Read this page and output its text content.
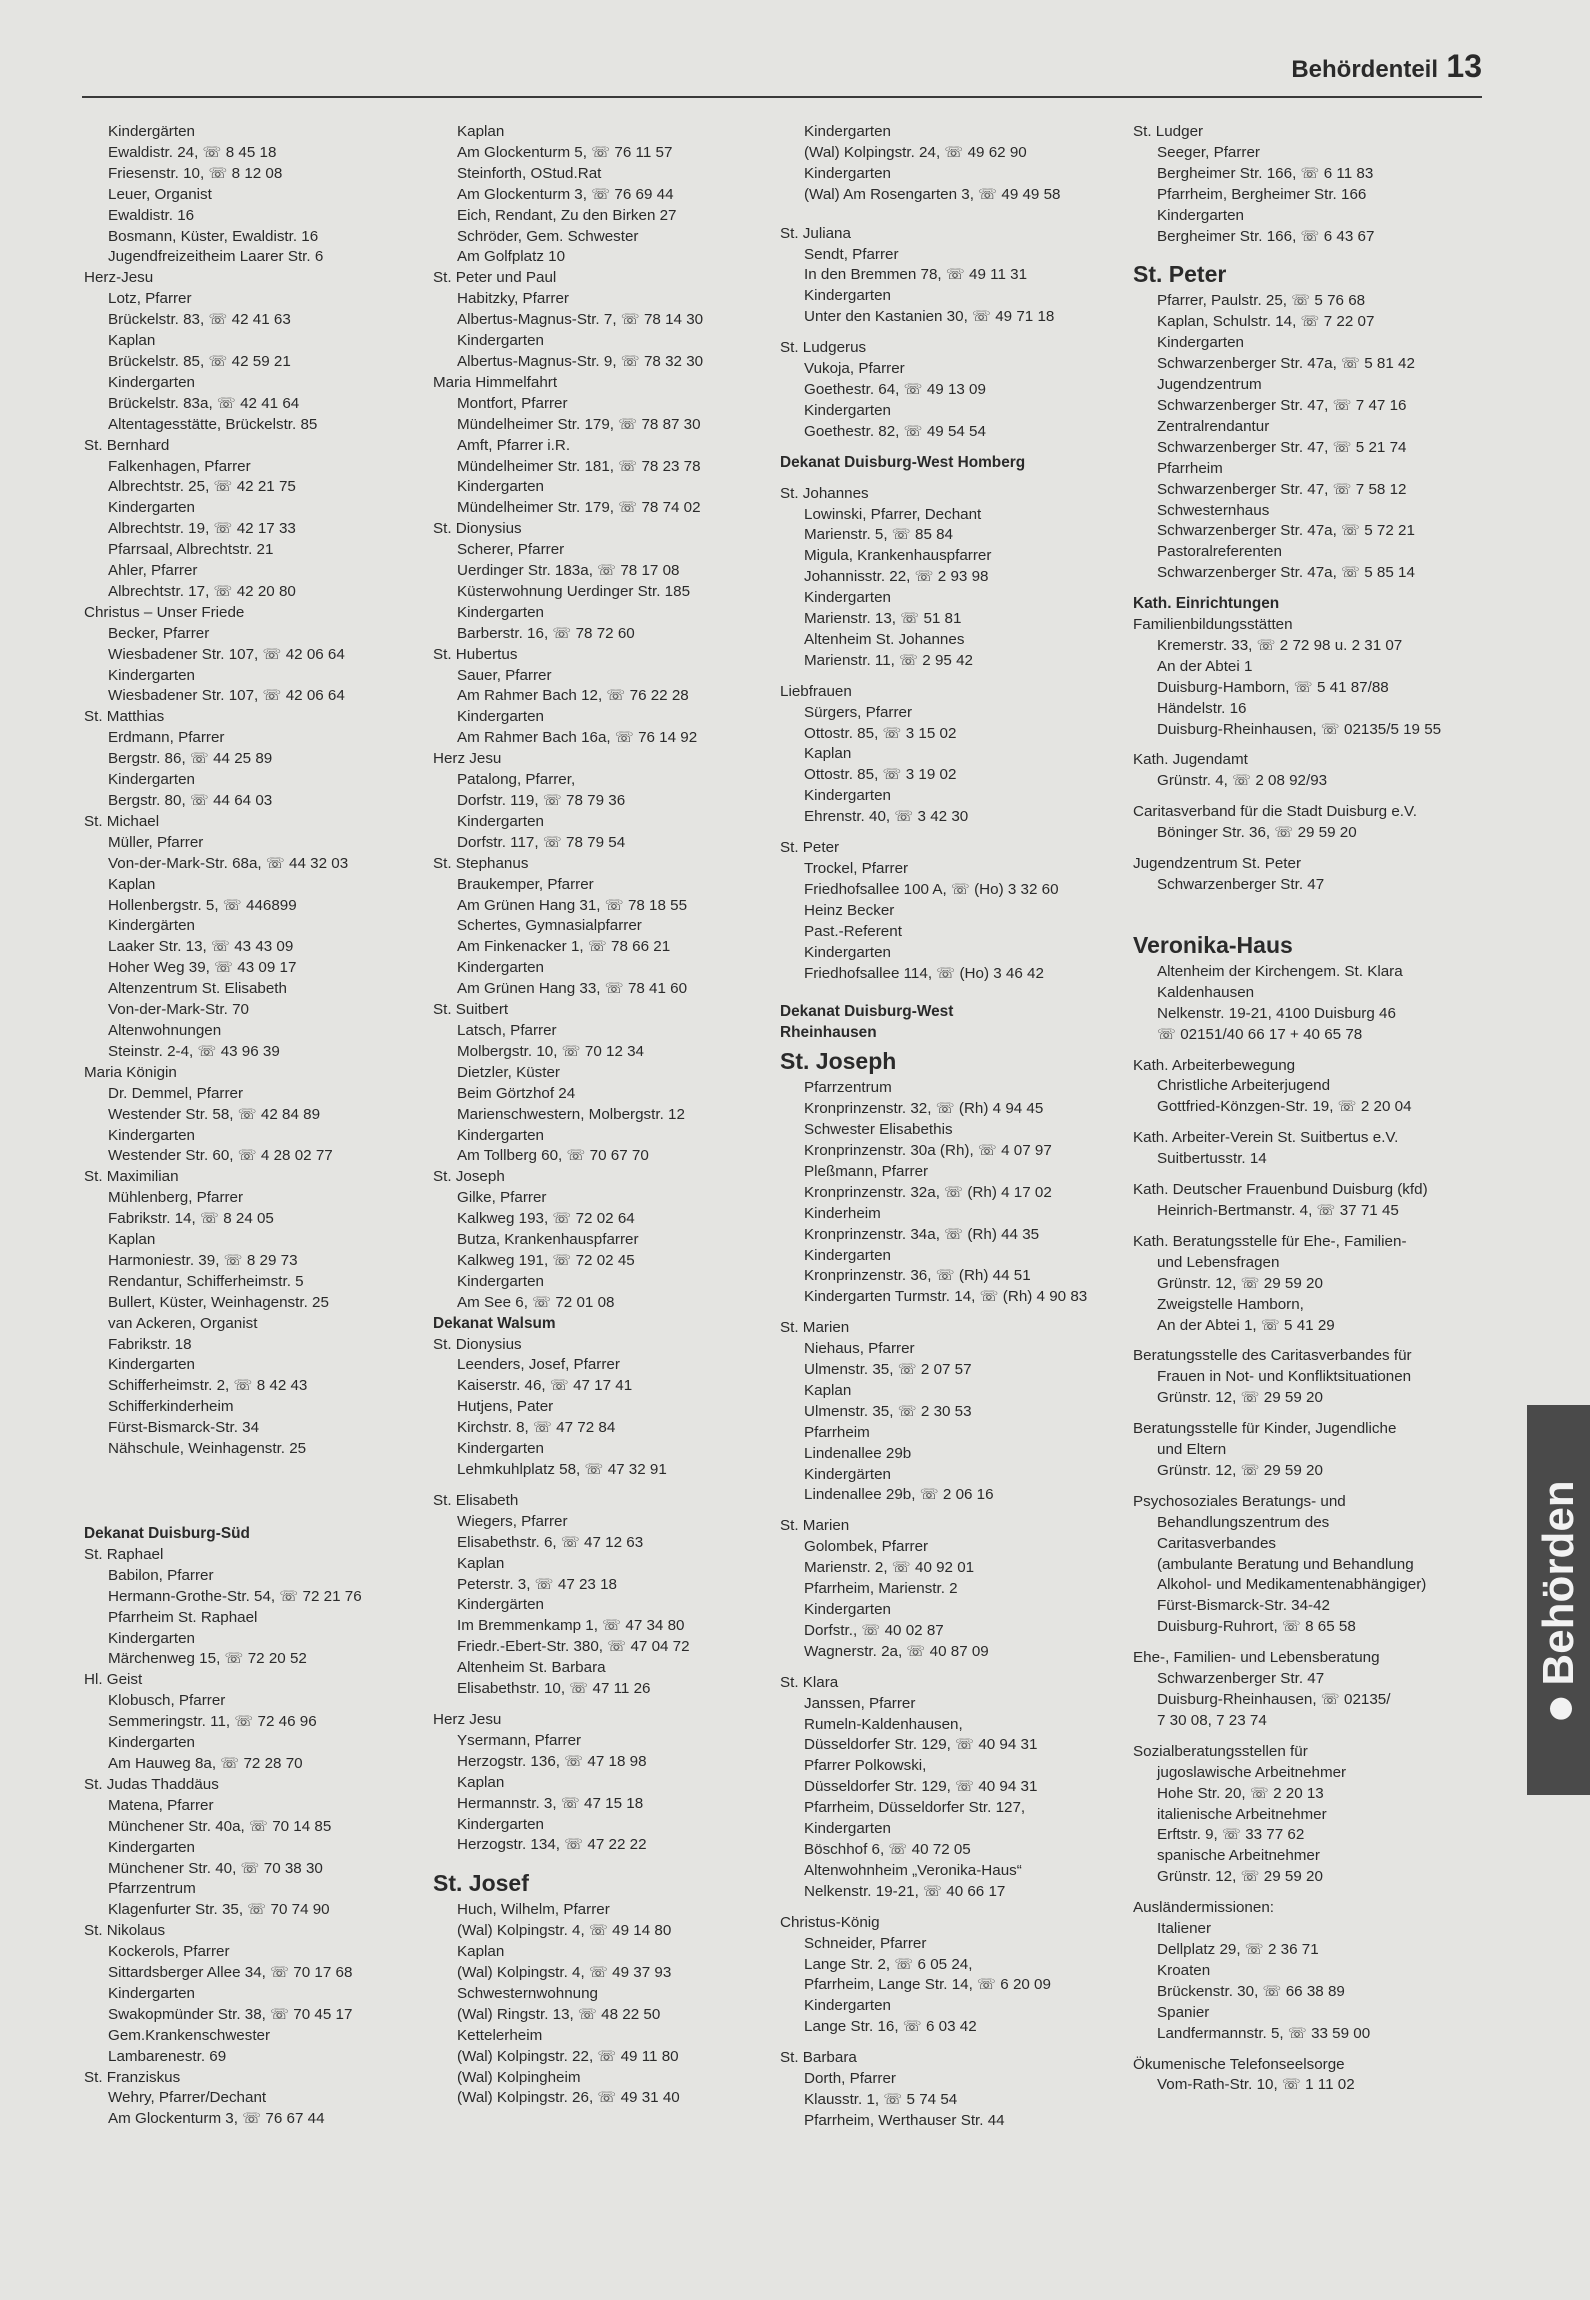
Behördenteil 13
Kindergärten
Ewaldistr. 24, ☏ 8 45 18
Friesenstr. 10, ☏ 8 12 08
Leuer, Organist
Ewaldistr. 16
Bosmann, Küster, Ewaldistr. 16
Jugendfreizeitheim Laarer Str. 6
Herz-Jesu
Lotz, Pfarrer
Brückelstr. 83, ☏ 42 41 63
Kaplan
Brückelstr. 85, ☏ 42 59 21
Kindergarten
Brückelstr. 83a, ☏ 42 41 64
Altentagesstätte, Brückelstr. 85
St. Bernhard
Falkenhagen, Pfarrer
Albrechtstr. 25, ☏ 42 21 75
Kindergarten
Albrechtstr. 19, ☏ 42 17 33
Pfarrsaal, Albrechtstr. 21
Ahler, Pfarrer
Albrechtstr. 17, ☏ 42 20 80
Christus – Unser Friede
Becker, Pfarrer
Wiesbadener Str. 107, ☏ 42 06 64
Kindergarten
Wiesbadener Str. 107, ☏ 42 06 64
St. Matthias
Erdmann, Pfarrer
Bergstr. 86, ☏ 44 25 89
Kindergarten
Bergstr. 80, ☏ 44 64 03
St. Michael
Müller, Pfarrer
Von-der-Mark-Str. 68a, ☏ 44 32 03
Kaplan
Hollenbergstr. 5, ☏ 446899
Kindergärten
Laaker Str. 13, ☏ 43 43 09
Hoher Weg 39, ☏ 43 09 17
Altenzentrum St. Elisabeth
Von-der-Mark-Str. 70
Altenwohnungen
Steinstr. 2-4, ☏ 43 96 39
Maria Königin
Dr. Demmel, Pfarrer
Westender Str. 58, ☏ 42 84 89
Kindergarten
Westender Str. 60, ☏ 4 28 02 77
St. Maximilian
Mühlenberg, Pfarrer
Fabrikstr. 14, ☏ 8 24 05
Kaplan
Harmoniestr. 39, ☏ 8 29 73
Rendantur, Schifferheimstr. 5
Bullert, Küster, Weinhagenstr. 25
van Ackeren, Organist
Fabrikstr. 18
Kindergarten
Schifferheimstr. 2, ☏ 8 42 43
Schifferkinderheim
Fürst-Bismarck-Str. 34
Nähschule, Weinhagenstr. 25
Dekanat Duisburg-Süd
St. Raphael
Babilon, Pfarrer
Hermann-Grothe-Str. 54, ☏ 72 21 76
Pfarrheim St. Raphael
Kindergarten
Märchenweg 15, ☏ 72 20 52
Hl. Geist
Klobusch, Pfarrer
Semmeringstr. 11, ☏ 72 46 96
Kindergarten
Am Hauweg 8a, ☏ 72 28 70
St. Judas Thaddäus
Matena, Pfarrer
Münchener Str. 40a, ☏ 70 14 85
Kindergarten
Münchener Str. 40, ☏ 70 38 30
Pfarrzentrum
Klagenfurter Str. 35, ☏ 70 74 90
St. Nikolaus
Kockerols, Pfarrer
Sittardsberger Allee 34, ☏ 70 17 68
Kindergarten
Swakopmünder Str. 38, ☏ 70 45 17
Gem.Krankenschwester
Lambarenestr. 69
St. Franziskus
Wehry, Pfarrer/Dechant
Am Glockenturm 3, ☏ 76 67 44
Kaplan
Am Glockenturm 5, ☏ 76 11 57
Steinforth, OStud.Rat
Am Glockenturm 3, ☏ 76 69 44
Eich, Rendant, Zu den Birken 27
Schröder, Gem. Schwester
Am Golfplatz 10
St. Peter und Paul
Habitzky, Pfarrer
Albertus-Magnus-Str. 7, ☏ 78 14 30
Kindergarten
Albertus-Magnus-Str. 9, ☏ 78 32 30
Maria Himmelfahrt
Montfort, Pfarrer
Mündelheimer Str. 179, ☏ 78 87 30
Amft, Pfarrer i.R.
Mündelheimer Str. 181, ☏ 78 23 78
Kindergarten
Mündelheimer Str. 179, ☏ 78 74 02
St. Dionysius
Scherer, Pfarrer
Uerdinger Str. 183a, ☏ 78 17 08
Küsterwohnung Uerdinger Str. 185
Kindergarten
Barberstr. 16, ☏ 78 72 60
St. Hubertus
Sauer, Pfarrer
Am Rahmer Bach 12, ☏ 76 22 28
Kindergarten
Am Rahmer Bach 16a, ☏ 76 14 92
Herz Jesu
Patalong, Pfarrer,
Dorfstr. 119, ☏ 78 79 36
Kindergarten
Dorfstr. 117, ☏ 78 79 54
St. Stephanus
Braukemper, Pfarrer
Am Grünen Hang 31, ☏ 78 18 55
Schertes, Gymnasialpfarrer
Am Finkenacker 1, ☏ 78 66 21
Kindergarten
Am Grünen Hang 33, ☏ 78 41 60
St. Suitbert
Latsch, Pfarrer
Molbergstr. 10, ☏ 70 12 34
Dietzler, Küster
Beim Görtzhof 24
Marienschwestern, Molbergstr. 12
Kindergarten
Am Tollberg 60, ☏ 70 67 70
St. Joseph
Gilke, Pfarrer
Kalkweg 193, ☏ 72 02 64
Butza, Krankenhauspfarrer
Kalkweg 191, ☏ 72 02 45
Kindergarten
Am See 6, ☏ 72 01 08
Dekanat Walsum
St. Dionysius
Leenders, Josef, Pfarrer
Kaiserstr. 46, ☏ 47 17 41
Hutjens, Pater
Kirchstr. 8, ☏ 47 72 84
Kindergarten
Lehmkuhlplatz 58, ☏ 47 32 91
St. Elisabeth
Wiegers, Pfarrer
Elisabethstr. 6, ☏ 47 12 63
Kaplan
Peterstr. 3, ☏ 47 23 18
Kindergärten
Im Bremmenkamp 1, ☏ 47 34 80
Friedr.-Ebert-Str. 380, ☏ 47 04 72
Altenheim St. Barbara
Elisabethstr. 10, ☏ 47 11 26
Herz Jesu
Ysermann, Pfarrer
Herzogstr. 136, ☏ 47 18 98
Kaplan
Hermannstr. 3, ☏ 47 15 18
Kindergarten
Herzogstr. 134, ☏ 47 22 22
St. Josef
Huch, Wilhelm, Pfarrer
(Wal) Kolpingstr. 4, ☏ 49 14 80
Kaplan
(Wal) Kolpingstr. 4, ☏ 49 37 93
Schwesternwohnung
(Wal) Ringstr. 13, ☏ 48 22 50
Kettelerheim
(Wal) Kolpingstr. 22, ☏ 49 11 80
(Wal) Kolpingheim
(Wal) Kolpingstr. 26, ☏ 49 31 40
Kindergarten
(Wal) Kolpingstr. 24, ☏ 49 62 90
Kindergarten
(Wal) Am Rosengarten 3, ☏ 49 49 58
St. Juliana
Sendt, Pfarrer
In den Bremmen 78, ☏ 49 11 31
Kindergarten
Unter den Kastanien 30, ☏ 49 71 18
St. Ludgerus
Vukoja, Pfarrer
Goethestr. 64, ☏ 49 13 09
Kindergarten
Goethestr. 82, ☏ 49 54 54
Dekanat Duisburg-West Homberg
St. Johannes
Lowinski, Pfarrer, Dechant
Marienstr. 5, ☏ 85 84
Migula, Krankenhauspfarrer
Johannisstr. 22, ☏ 2 93 98
Kindergarten
Marienstr. 13, ☏ 51 81
Altenheim St. Johannes
Marienstr. 11, ☏ 2 95 42
Liebfrauen
Sürgers, Pfarrer
Ottostr. 85, ☏ 3 15 02
Kaplan
Ottostr. 85, ☏ 3 19 02
Kindergarten
Ehrenstr. 40, ☏ 3 42 30
St. Peter
Trockel, Pfarrer
Friedhofsallee 100 A, ☏ (Ho) 3 32 60
Heinz Becker
Past.-Referent
Kindergarten
Friedhofsallee 114, ☏ (Ho) 3 46 42
Dekanat Duisburg-West
Rheinhausen
St. Joseph
Pfarrzentrum
Kronprinzenstr. 32, ☏ (Rh) 4 94 45
Schwester Elisabethis
Kronprinzenstr. 30a (Rh), ☏ 4 07 97
Pleßmann, Pfarrer
Kronprinzenstr. 32a, ☏ (Rh) 4 17 02
Kinderheim
Kronprinzenstr. 34a, ☏ (Rh) 44 35
Kindergarten
Kronprinzenstr. 36, ☏ (Rh) 44 51
Kindergarten Turmstr. 14, ☏ (Rh) 4 90 83
St. Marien
Niehaus, Pfarrer
Ulmenstr. 35, ☏ 2 07 57
Kaplan
Ulmenstr. 35, ☏ 2 30 53
Pfarrheim
Lindenallee 29b
Kindergärten
Lindenallee 29b, ☏ 2 06 16
St. Marien
Golombek, Pfarrer
Marienstr. 2, ☏ 40 92 01
Pfarrheim, Marienstr. 2
Kindergarten
Dorfstr., ☏ 40 02 87
Wagnerstr. 2a, ☏ 40 87 09
St. Klara
Janssen, Pfarrer
Rumeln-Kaldenhausen,
Düsseldorfer Str. 129, ☏ 40 94 31
Pfarrer Polkowski,
Düsseldorfer Str. 129, ☏ 40 94 31
Pfarrheim, Düsseldorfer Str. 127,
Kindergarten
Böschhof 6, ☏ 40 72 05
Altenwohnheim „Veronika-Haus“
Nelkenstr. 19-21, ☏ 40 66 17
Christus-König
Schneider, Pfarrer
Lange Str. 2, ☏ 6 05 24,
Pfarrheim, Lange Str. 14, ☏ 6 20 09
Kindergarten
Lange Str. 16, ☏ 6 03 42
St. Barbara
Dorth, Pfarrer
Klausstr. 1, ☏ 5 74 54
Pfarrheim, Werthauser Str. 44
St. Ludger
Seeger, Pfarrer
Bergheimer Str. 166, ☏ 6 11 83
Pfarrheim, Bergheimer Str. 166
Kindergarten
Bergheimer Str. 166, ☏ 6 43 67
St. Peter
Pfarrer, Paulstr. 25, ☏ 5 76 68
Kaplan, Schulstr. 14, ☏ 7 22 07
Kindergarten
Schwarzenberger Str. 47a, ☏ 5 81 42
Jugendzentrum
Schwarzenberger Str. 47, ☏ 7 47 16
Zentralrendantur
Schwarzenberger Str. 47, ☏ 5 21 74
Pfarrheim
Schwarzenberger Str. 47, ☏ 7 58 12
Schwesternhaus
Schwarzenberger Str. 47a, ☏ 5 72 21
Pastoralreferenten
Schwarzenberger Str. 47a, ☏ 5 85 14
Kath. Einrichtungen
Familienbildungsstätten
Kremerstr. 33, ☏ 2 72 98 u. 2 31 07
An der Abtei 1
Duisburg-Hamborn, ☏ 5 41 87/88
Händelstr. 16
Duisburg-Rheinhausen, ☏ 02135/5 19 55
Kath. Jugendamt
Grünstr. 4, ☏ 2 08 92/93
Caritasverband für die Stadt Duisburg e.V.
Böninger Str. 36, ☏ 29 59 20
Jugendzentrum St. Peter
Schwarzenberger Str. 47
Veronika-Haus
Altenheim der Kirchengem. St. Klara
Kaldenhausen
Nelkenstr. 19-21, 4100 Duisburg 46
☏ 02151/40 66 17 + 40 65 78
Kath. Arbeiterbewegung
Christliche Arbeiterjugend
Gottfried-Könzgen-Str. 19, ☏ 2 20 04
Kath. Arbeiter-Verein St. Suitbertus e.V.
Suitbertusstr. 14
Kath. Deutscher Frauenbund Duisburg (kfd)
Heinrich-Bertmanstr. 4, ☏ 37 71 45
Kath. Beratungsstelle für Ehe-, Familien-
und Lebensfragen
Grünstr. 12, ☏ 29 59 20
Zweigstelle Hamborn,
An der Abtei 1, ☏ 5 41 29
Beratungsstelle des Caritasverbandes für
Frauen in Not- und Konfliktsituationen
Grünstr. 12, ☏ 29 59 20
Beratungsstelle für Kinder, Jugendliche
und Eltern
Grünstr. 12, ☏ 29 59 20
Psychosoziales Beratungs- und
Behandlungszentrum des
Caritasverbandes
(ambulante Beratung und Behandlung
Alkohol- und Medikamentenabhängiger)
Fürst-Bismarck-Str. 34-42
Duisburg-Ruhrort, ☏ 8 65 58
Ehe-, Familien- und Lebensberatung
Schwarzenberger Str. 47
Duisburg-Rheinhausen, ☏ 02135/
7 30 08, 7 23 74
Sozialberatungsstellen für
jugoslawische Arbeitnehmer
Hohe Str. 20, ☏ 2 20 13
italienische Arbeitnehmer
Erftstr. 9, ☏ 33 77 62
spanische Arbeitnehmer
Grünstr. 12, ☏ 29 59 20
Ausländermissionen:
Italiener
Dellplatz 29, ☏ 2 36 71
Kroaten
Brückenstr. 30, ☏ 66 38 89
Spanier
Landfermannstr. 5, ☏ 33 59 00
Ökumenische Telefonseelsorge
Vom-Rath-Str. 10, ☏ 1 11 02
Behörden
